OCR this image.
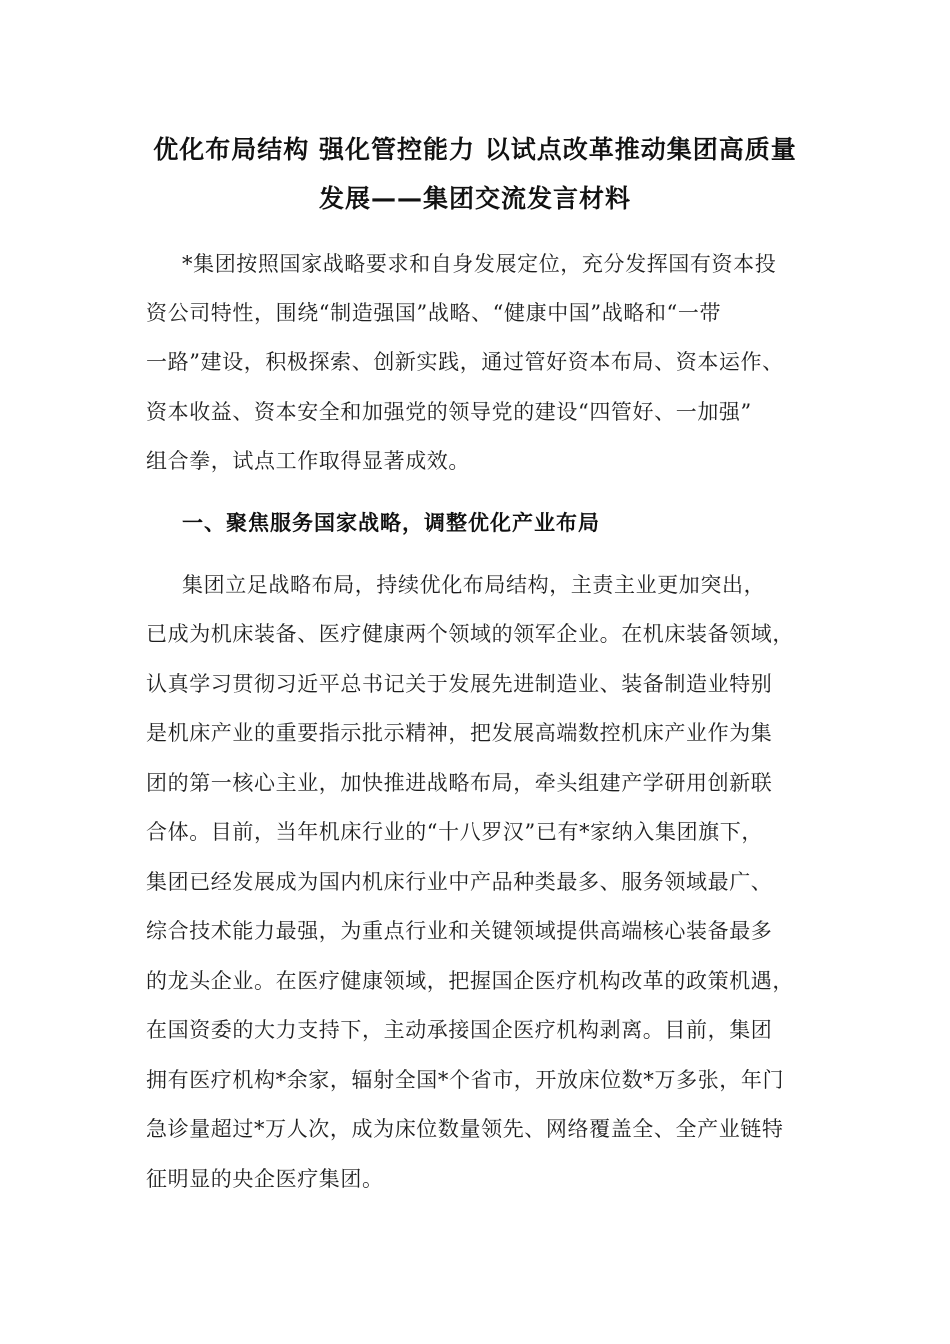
优化布局结构 强化管控能力 以试点改革推动集团高质量
发展——集团交流发言材料
*集团按照国家战略要求和自身发展定位，充分发挥国有资本投
资公司特性，围绕“制造强国”战略、“健康中国”战略和“一带
一路”建设，积极探索、创新实践，通过管好资本布局、资本运作、
资本收益、资本安全和加强党的领导党的建设“四管好、一加强”
组合拳，试点工作取得显著成效。
一、聚焦服务国家战略，调整优化产业布局
集团立足战略布局，持续优化布局结构，主责主业更加突出，
已成为机床装备、医疗健康两个领域的领军企业。在机床装备领域，
认真学习贯彻习近平总书记关于发展先进制造业、装备制造业特别
是机床产业的重要指示批示精神，把发展高端数控机床产业作为集
团的第一核心主业，加快推进战略布局，牵头组建产学研用创新联
合体。目前，当年机床行业的“十八罗汉”已有*家纳入集团旗下，
集团已经发展成为国内机床行业中产品种类最多、服务领域最广、
综合技术能力最强，为重点行业和关键领域提供高端核心装备最多
的龙头企业。在医疗健康领域，把握国企医疗机构改革的政策机遇，
在国资委的大力支持下，主动承接国企医疗机构剥离。目前，集团
拥有医疗机构*余家，辐射全国*个省市，开放床位数*万多张，年门
急诊量超过*万人次，成为床位数量领先、网络覆盖全、全产业链特
征明显的央企医疗集团。
